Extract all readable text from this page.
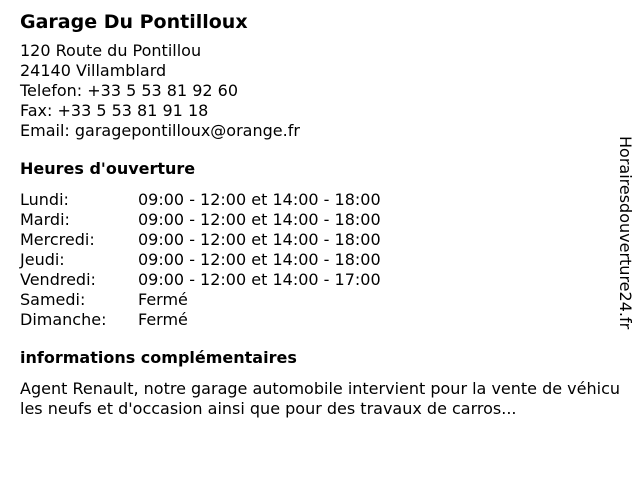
Garage Du Pontilloux
120 Route du Pontillou
24140 Villamblard
Telefon: +33 5 53 81 92 60
Fax: +33 5 53 81 91 18
Email: garagepontilloux@orange.fr
Heures d'ouverture
Lundi:	09:00 - 12:00 et 14:00 - 18:00
Mardi:	09:00 - 12:00 et 14:00 - 18:00
Mercredi:	09:00 - 12:00 et 14:00 - 18:00
Jeudi:	09:00 - 12:00 et 14:00 - 18:00
Vendredi:	09:00 - 12:00 et 14:00 - 17:00
Samedi:	Fermé
Dimanche: Fermé
informations complémentaires
Agent Renault, notre garage automobile intervient pour la vente de véhicules neufs et d'occasion ainsi que pour des travaux de carros...
Horairesdouverture24.fr
